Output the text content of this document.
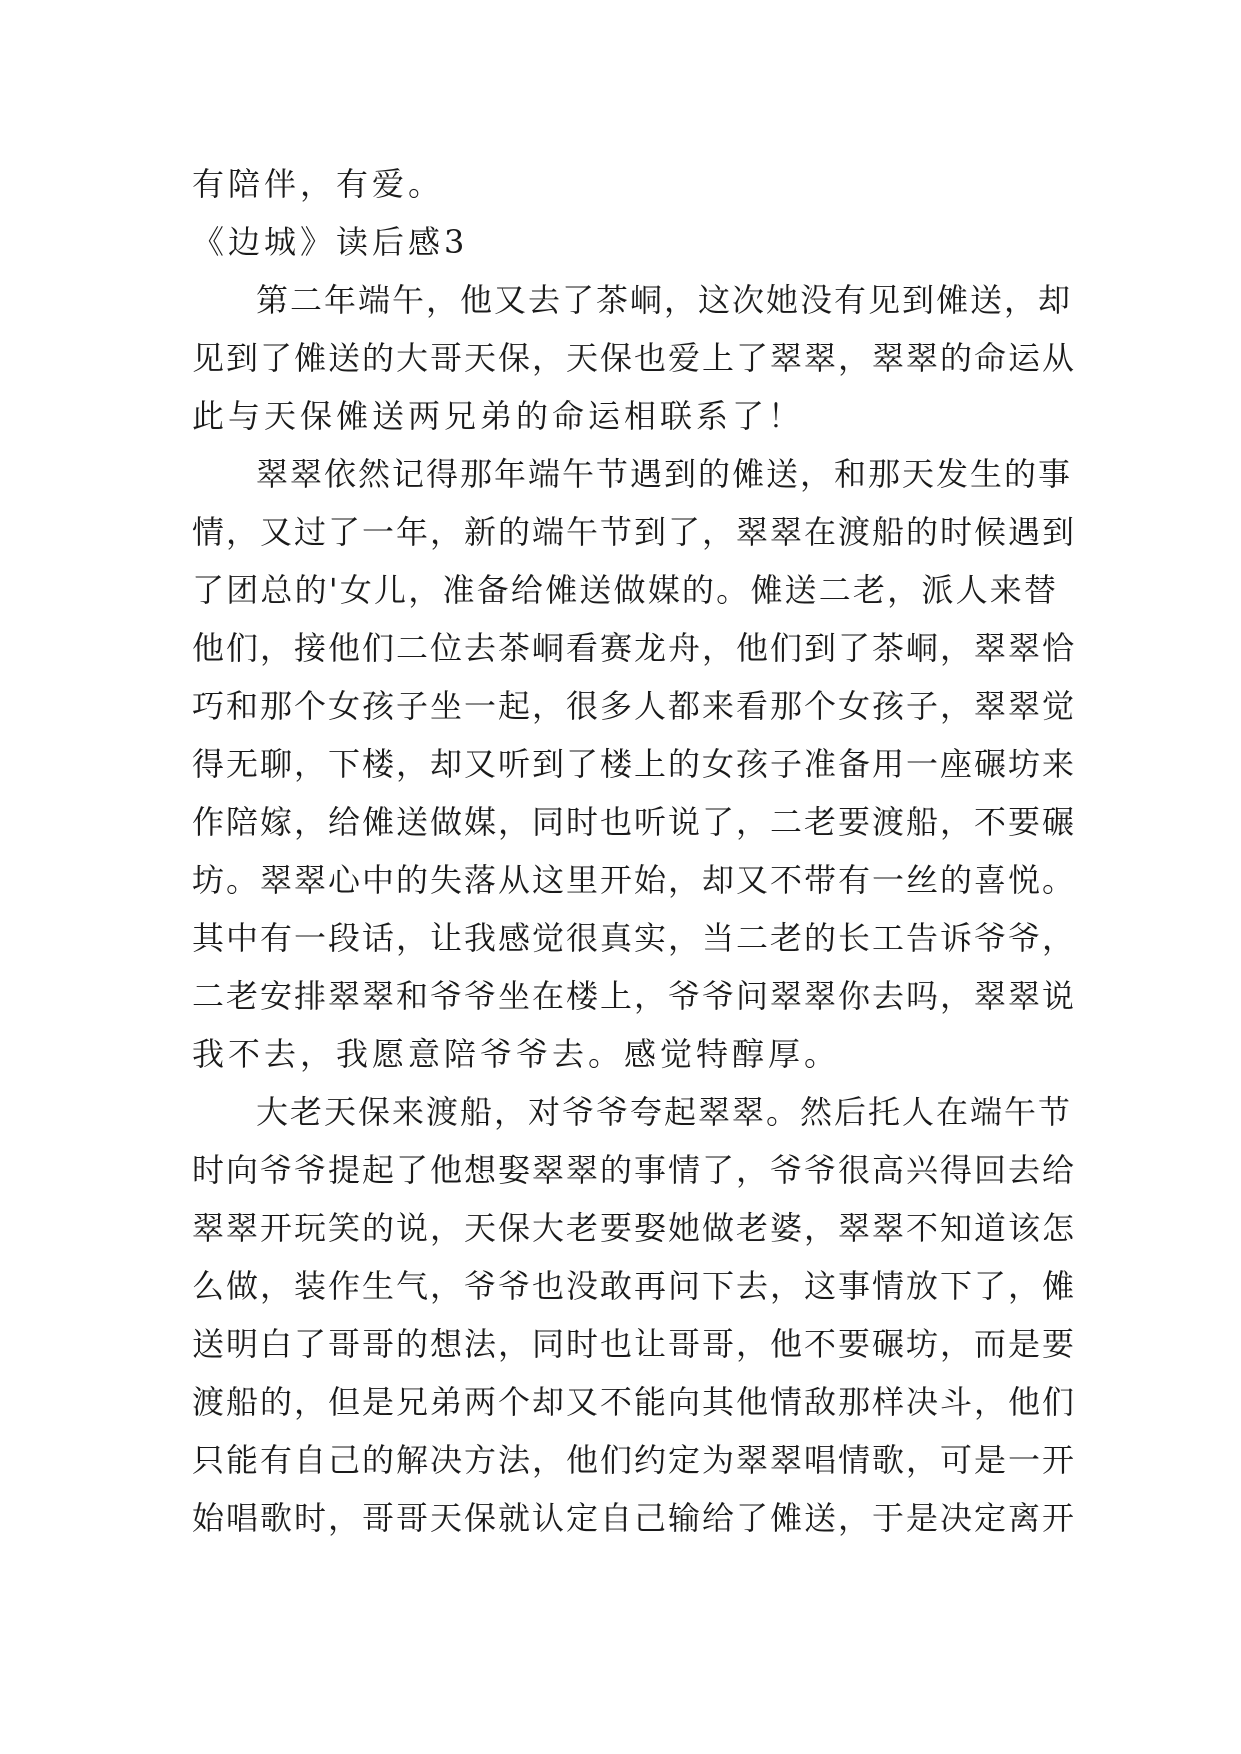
有陪伴，有爱。
《边城》读后感3
第二年端午，他又去了茶峒，这次她没有见到傩送，却
见到了傩送的大哥天保，天保也爱上了翠翠，翠翠的命运从
此与天保傩送两兄弟的命运相联系了！
翠翠依然记得那年端午节遇到的傩送，和那天发生的事
情，又过了一年，新的端午节到了，翠翠在渡船的时候遇到
了团总的'女儿，准备给傩送做媒的。傩送二老，派人来替
他们，接他们二位去茶峒看赛龙舟，他们到了茶峒，翠翠恰
巧和那个女孩子坐一起，很多人都来看那个女孩子，翠翠觉
得无聊，下楼，却又听到了楼上的女孩子准备用一座碾坊来
作陪嫁，给傩送做媒，同时也听说了，二老要渡船，不要碾
坊。翠翠心中的失落从这里开始，却又不带有一丝的喜悦。
其中有一段话，让我感觉很真实，当二老的长工告诉爷爷，
二老安排翠翠和爷爷坐在楼上，爷爷问翠翠你去吗，翠翠说
我不去，我愿意陪爷爷去。感觉特醇厚。
大老天保来渡船，对爷爷夸起翠翠。然后托人在端午节
时向爷爷提起了他想娶翠翠的事情了，爷爷很高兴得回去给
翠翠开玩笑的说，天保大老要娶她做老婆，翠翠不知道该怎
么做，装作生气，爷爷也没敢再问下去，这事情放下了，傩
送明白了哥哥的想法，同时也让哥哥，他不要碾坊，而是要
渡船的，但是兄弟两个却又不能向其他情敌那样决斗，他们
只能有自己的解决方法，他们约定为翠翠唱情歌，可是一开
始唱歌时，哥哥天保就认定自己输给了傩送，于是决定离开
